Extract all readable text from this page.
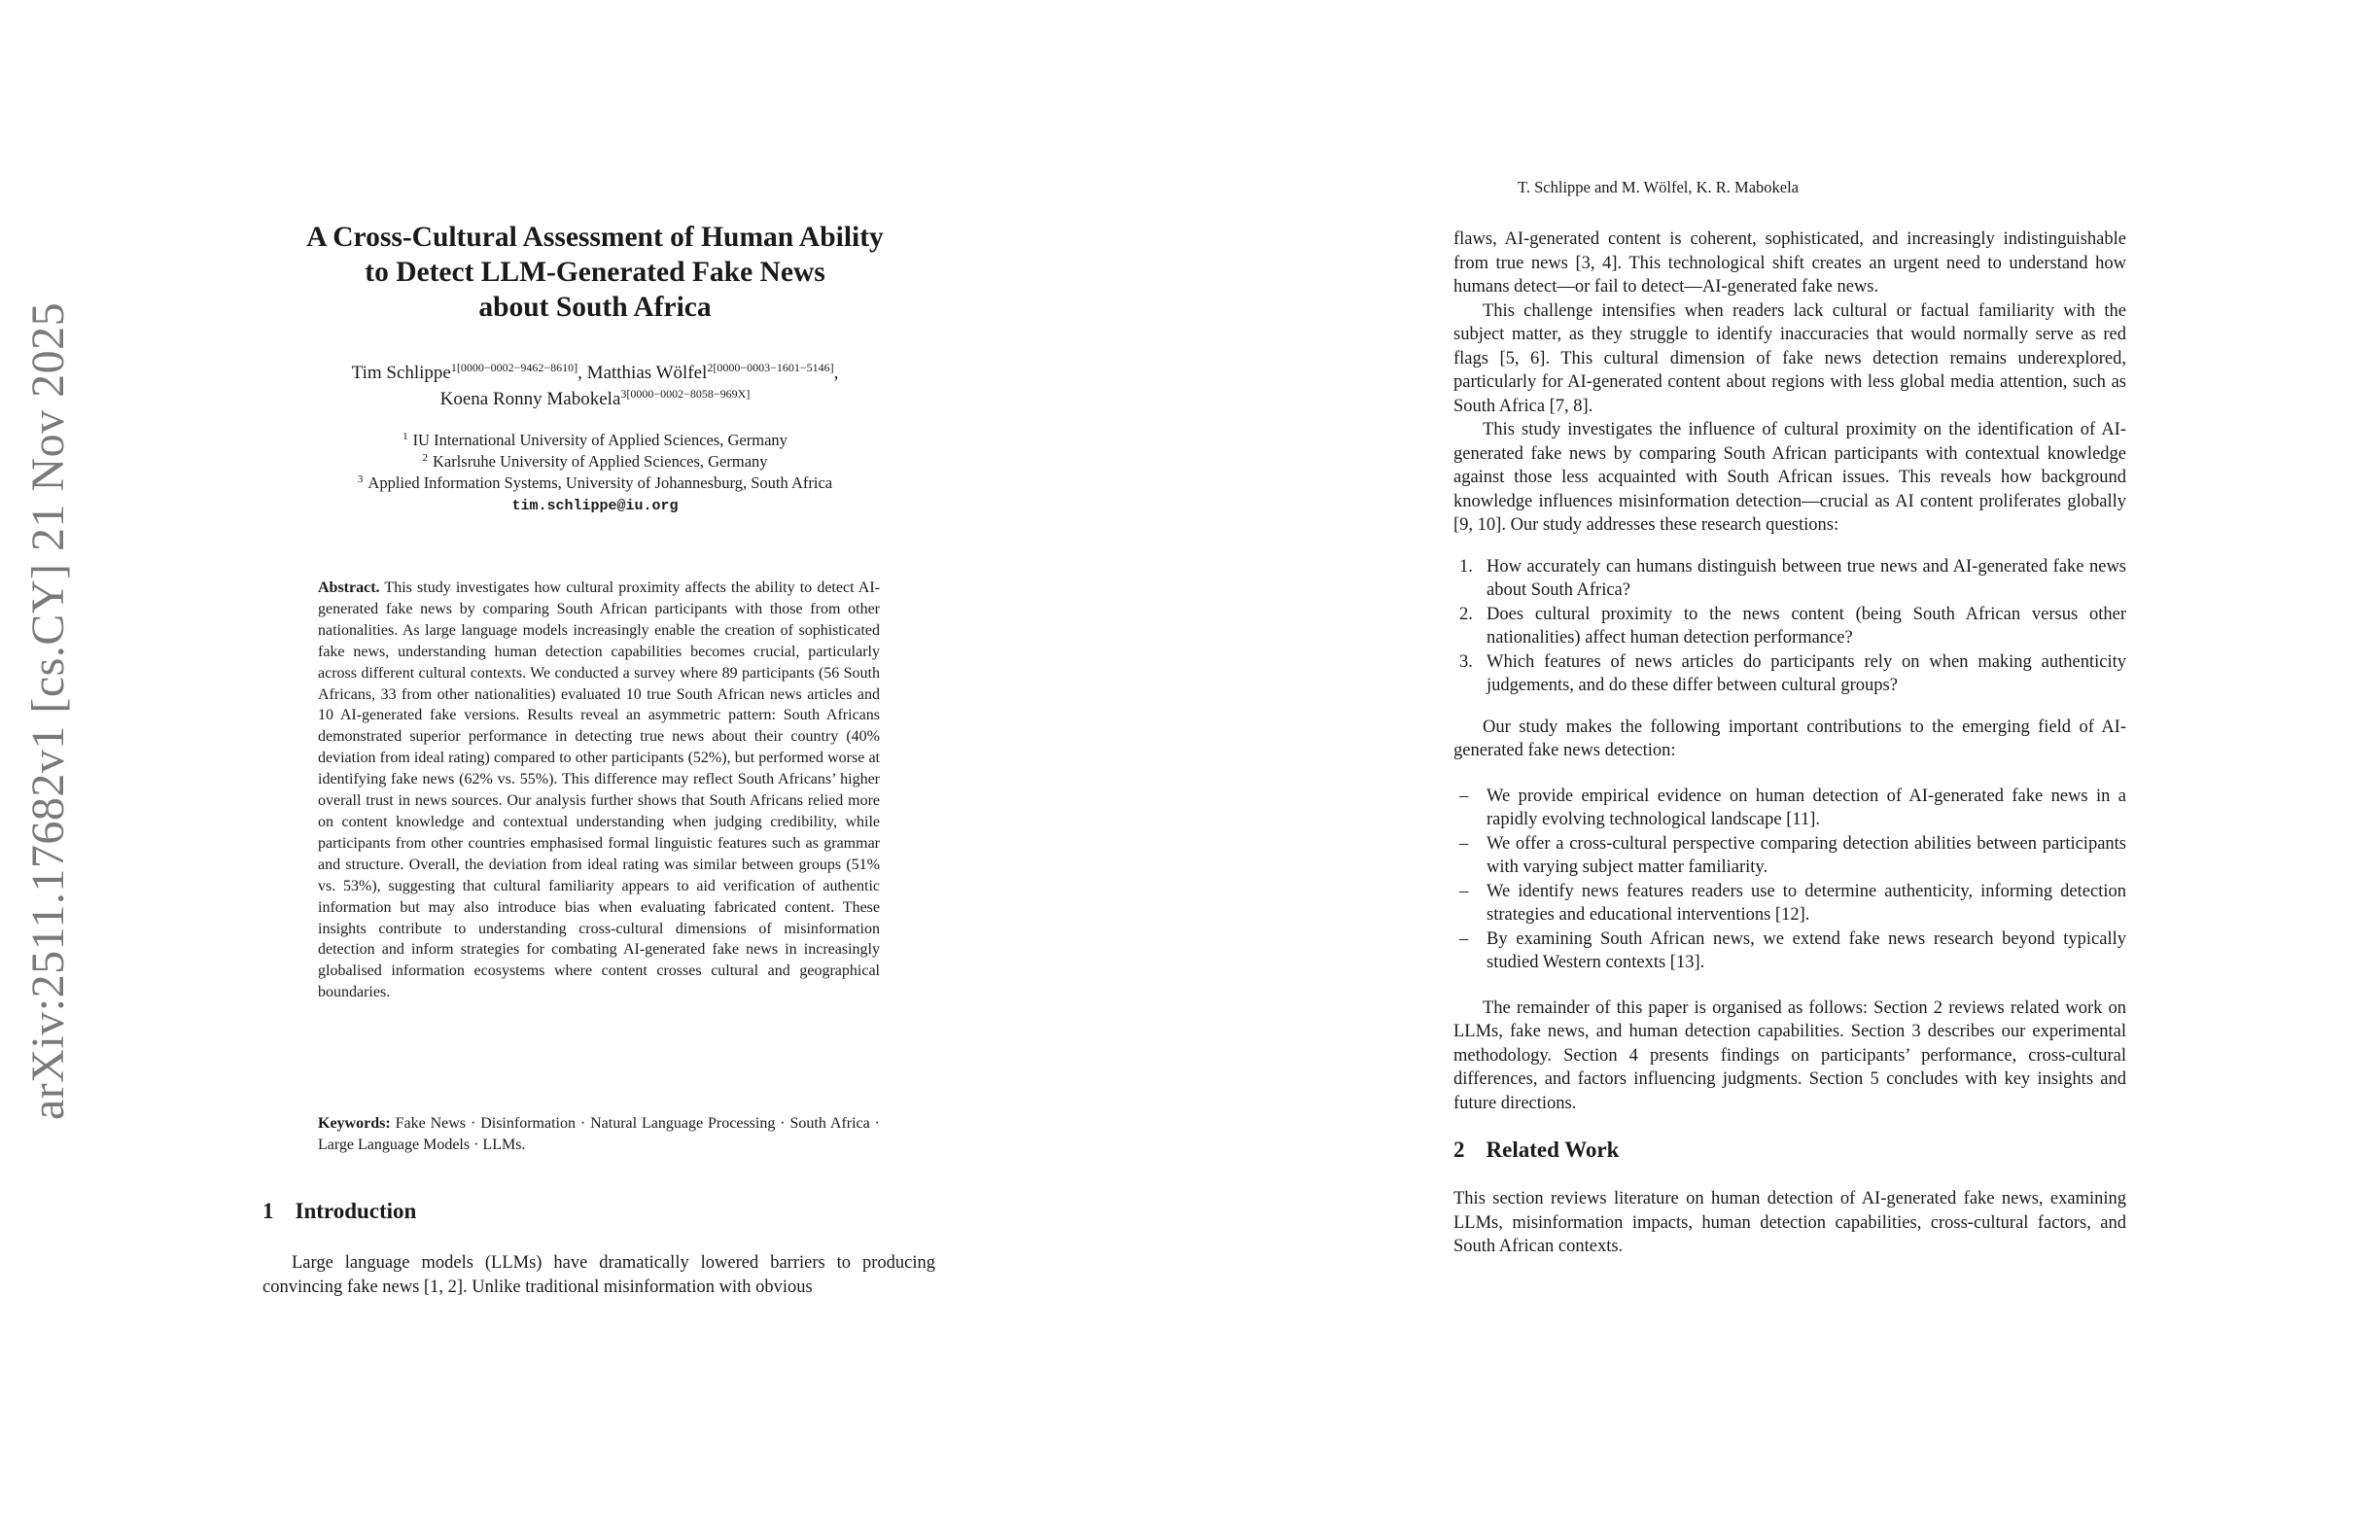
arXiv:2511.17682v1 [cs.CY] 21 Nov 2025
A Cross-Cultural Assessment of Human Ability
to Detect LLM-Generated Fake News
about South Africa
Tim Schlippe$^{1[0000-0002-9462-8610]}$, Matthias Wölfel$^{2[0000-0003-1601-5146]}$,
Koena Ronny Mabokela$^{3[0000-0002-8058-969X]}$
$^1$ IU International University of Applied Sciences, Germany
$^2$ Karlsruhe University of Applied Sciences, Germany
$^3$ Applied Information Systems, University of Johannesburg, South Africa
tim.schlippe@iu.org
Abstract. This study investigates how cultural proximity affects the ability to detect AI-generated fake news by comparing South African participants with those from other nationalities. As large language models increasingly enable the creation of sophisticated fake news, understanding human detection capabilities becomes crucial, particularly across different cultural contexts. We conducted a survey where 89 participants (56 South Africans, 33 from other nationalities) evaluated 10 true South African news articles and 10 AI-generated fake versions. Results reveal an asymmetric pattern: South Africans demonstrated superior performance in detecting true news about their country (40% deviation from ideal rating) compared to other participants (52%), but performed worse at identifying fake news (62% vs. 55%). This difference may reflect South Africans’ higher overall trust in news sources. Our analysis further shows that South Africans relied more on content knowledge and contextual understanding when judging credibility, while participants from other countries emphasised formal linguistic features such as grammar and structure. Overall, the deviation from ideal rating was similar between groups (51% vs. 53%), suggesting that cultural familiarity appears to aid verification of authentic information but may also introduce bias when evaluating fabricated content. These insights contribute to understanding cross-cultural dimensions of misinformation detection and inform strategies for combating AI-generated fake news in increasingly globalised information ecosystems where content crosses cultural and geographical boundaries.
Keywords: Fake News · Disinformation · Natural Language Processing · South Africa · Large Language Models · LLMs.
1 Introduction

Large language models (LLMs) have dramatically lowered barriers to producing convincing fake news [1, 2]. Unlike traditional misinformation with obvious

T. Schlippe and M. Wölfel, K. R. Mabokela

flaws, AI-generated content is coherent, sophisticated, and increasingly indistinguishable from true news [3, 4]. This technological shift creates an urgent need to understand how humans detect—or fail to detect—AI-generated fake news.

This challenge intensifies when readers lack cultural or factual familiarity with the subject matter, as they struggle to identify inaccuracies that would normally serve as red flags [5, 6]. This cultural dimension of fake news detection remains underexplored, particularly for AI-generated content about regions with less global media attention, such as South Africa [7, 8].

This study investigates the influence of cultural proximity on the identification of AI-generated fake news by comparing South African participants with contextual knowledge against those less acquainted with South African issues. This reveals how background knowledge influences misinformation detection—crucial as AI content proliferates globally [9, 10]. Our study addresses these research questions:

1. How accurately can humans distinguish between true news and AI-generated fake news about South Africa?
2. Does cultural proximity to the news content (being South African versus other nationalities) affect human detection performance?
3. Which features of news articles do participants rely on when making authenticity judgements, and do these differ between cultural groups?

Our study makes the following important contributions to the emerging field of AI-generated fake news detection:

– We provide empirical evidence on human detection of AI-generated fake news in a rapidly evolving technological landscape [11].
– We offer a cross-cultural perspective comparing detection abilities between participants with varying subject matter familiarity.
– We identify news features readers use to determine authenticity, informing detection strategies and educational interventions [12].
– By examining South African news, we extend fake news research beyond typically studied Western contexts [13].

The remainder of this paper is organised as follows: Section 2 reviews related work on LLMs, fake news, and human detection capabilities. Section 3 describes our experimental methodology. Section 4 presents findings on participants’ performance, cross-cultural differences, and factors influencing judgments. Section 5 concludes with key insights and future directions.

2 Related Work

This section reviews literature on human detection of AI-generated fake news, examining LLMs, misinformation impacts, human detection capabilities, cross-cultural factors, and South African contexts.
